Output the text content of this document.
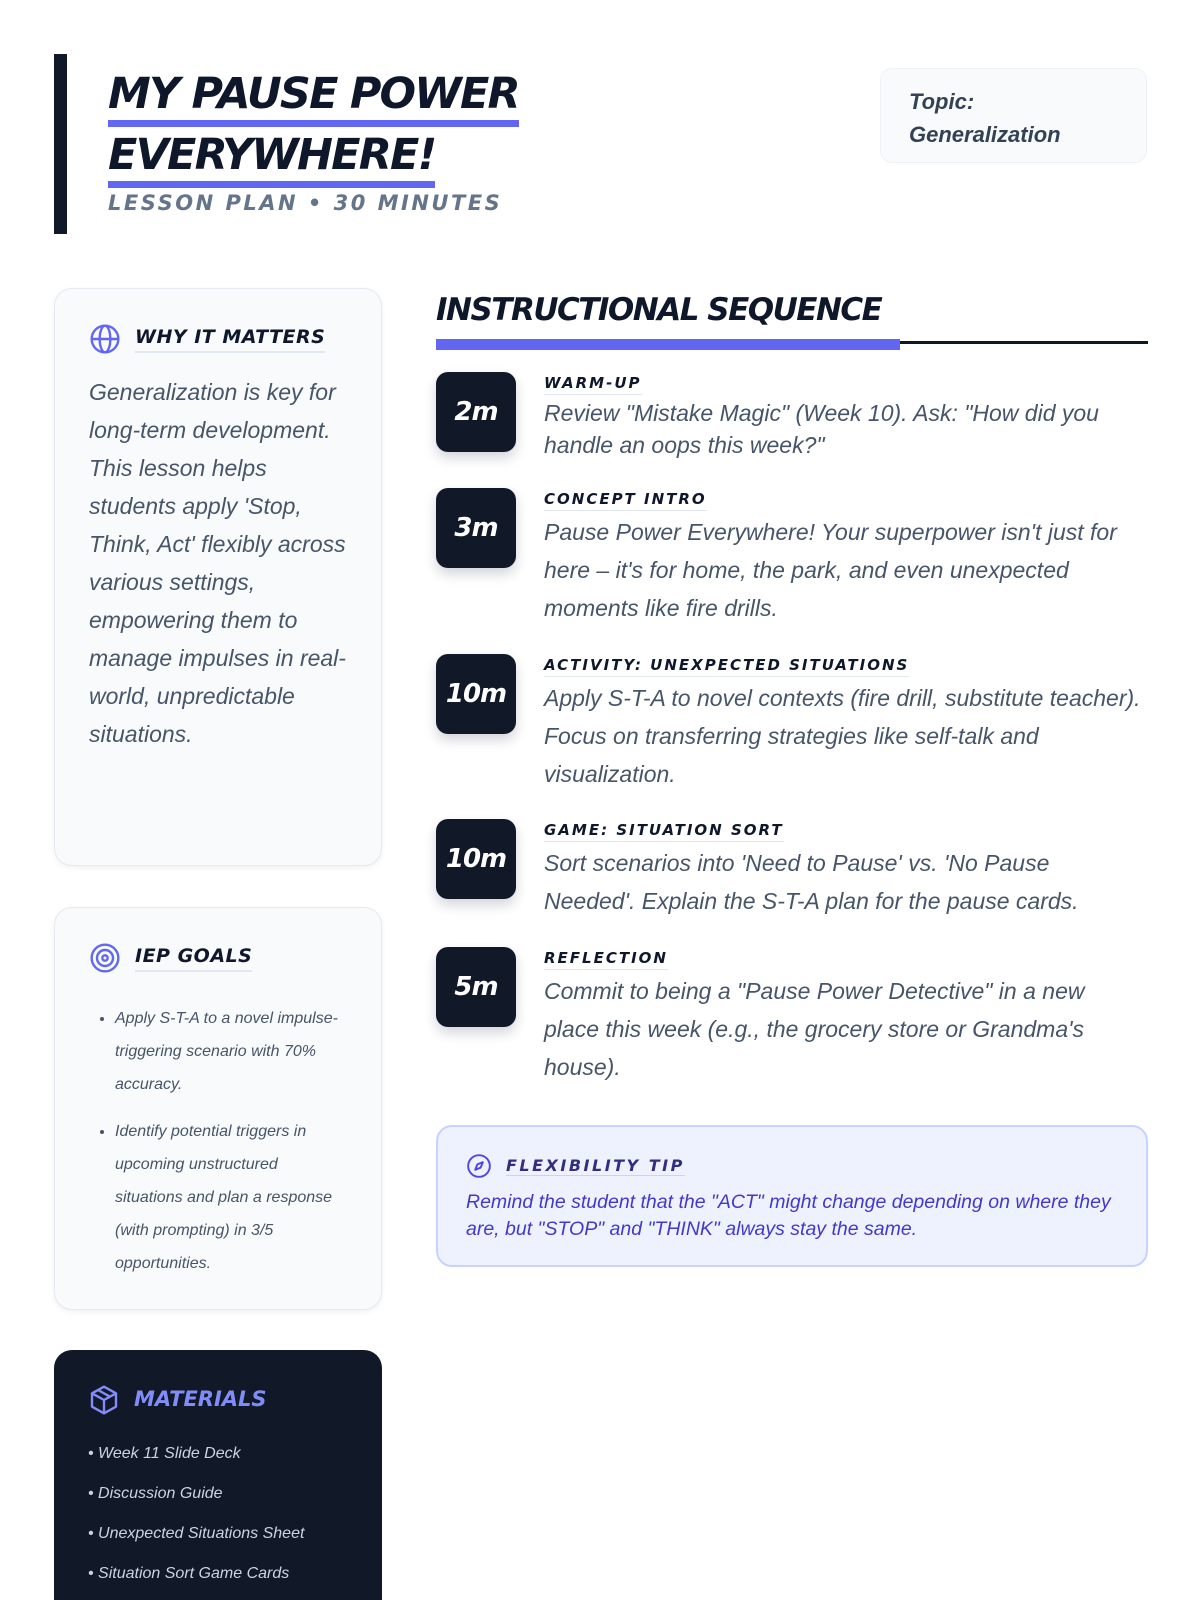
MY PAUSE POWER
EVERYWHERE!
LESSON PLAN • 30 MINUTES
Topic:
Generalization
WHY IT MATTERS

Generalization is key for long-term development. This lesson helps students apply 'Stop, Think, Act' flexibly across various settings, empowering them to manage impulses in real-world, unpredictable situations.

IEP GOALS
• Apply S-T-A to a novel impulse-triggering scenario with 70% accuracy.
• Identify potential triggers in upcoming unstructured situations and plan a response (with prompting) in 3/5 opportunities.
MATERIALS
• Week 11 Slide Deck
• Discussion Guide
• Unexpected Situations Sheet
• Situation Sort Game Cards
INSTRUCTIONAL SEQUENCE
2m
WARM-UP

Review "Mistake Magic" (Week 10). Ask: "How did you handle an oops this week?"

3m
CONCEPT INTRO

Pause Power Everywhere! Your superpower isn't just for here – it's for home, the park, and even unexpected moments like fire drills.

10m
ACTIVITY: UNEXPECTED SITUATIONS

Apply S-T-A to novel contexts (fire drill, substitute teacher). Focus on transferring strategies like self-talk and visualization.

10m
GAME: SITUATION SORT

Sort scenarios into 'Need to Pause' vs. 'No Pause Needed'. Explain the S-T-A plan for the pause cards.

5m
REFLECTION

Commit to being a "Pause Power Detective" in a new place this week (e.g., the grocery store or Grandma's house).

FLEXIBILITY TIP

Remind the student that the "ACT" might change depending on where they are, but "STOP" and "THINK" always stay the same.
